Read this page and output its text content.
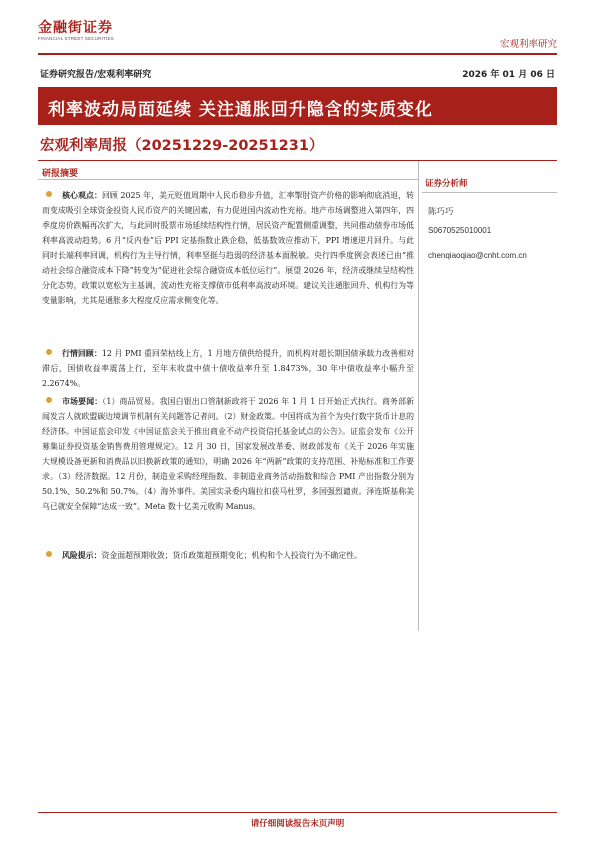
金融街证券
FINANCIAL STREET SECURITIES
宏观利率研究
证券研究报告/宏观利率研究	2026 年 01 月 06 日
利率波动局面延续 关注通胀回升隐含的实质变化
宏观利率周报（20251229-20251231）
研报摘要
证券分析师
陈巧巧
S0670525010001
chenqiaoqiao@cnht.com.cn
核心观点：回顾 2025 年，美元贬值周期中人民币稳步升值，汇率掣肘资产价格的影响彻底消退，转而变成吸引全球资金投资人民币资产的关键因素，有力促进国内流动性充裕。地产市场调整进入第四年，四季度房价跌幅再次扩大，与此同时股票市场延续结构性行情，居民资产配置侧重调整，共同推动债券市场低利率高波动趋势。6 月“反内卷”后 PPI 定基指数止跌企稳，低基数效应推动下，PPI 增速逆月回升。与此同时长端利率回调，机构行为主导行情，利率坚挺与趋弱的经济基本面脱敏。央行四季度例会表述已由“推动社会综合融资成本下降”转变为“促进社会综合融资成本低位运行”。展望 2026 年，经济或继续呈结构性分化态势，政策以宽松为主基调，流动性充裕支撑债市低利率高波动环境。建议关注通胀回升、机构行为等变量影响，尤其是通胀多大程度反应需求侧变化等。
行情回顾：12 月 PMI 重回荣枯线上方，1 月地方债供给提升，而机构对超长期国债承载力改善相对滞后，国债收益率震荡上行，至年末收盘中债十债收益率升至 1.8473%，30 年中债收益率小幅升至 2.2674%。
市场要闻：（1）商品贸易。我国白银出口管制新政将于 2026 年 1 月 1 日开始正式执行。商务部新闻发言人就欧盟碳边境调节机制有关问题答记者问。（2）财金政策。中国将成为首个为央行数字货币计息的经济体。中国证监会印发《中国证监会关于推出商业不动产投资信托基金试点的公告》。证监会发布《公开募集证券投资基金销售费用管理规定》。12 月 30 日，国家发展改革委、财政部发布《关于 2026 年实施大规模设备更新和消费品以旧换新政策的通知》，明确 2026 年“两新”政策的支持范围、补贴标准和工作要求。（3）经济数据。12 月份，制造业采购经理指数、非制造业商务活动指数和综合 PMI 产出指数分别为 50.1%、50.2%和 50.7%。（4）海外事件。美国实录委内瑞拉扣获马杜罗，多国强烈谴责。泽连斯基称美乌已就安全保障“达成一致”。Meta 数十亿美元收购 Manus。
风险提示：资金面超预期收敛；货币政策超预期变化；机构和个人投资行为不确定性。
请仔细阅读报告末页声明
